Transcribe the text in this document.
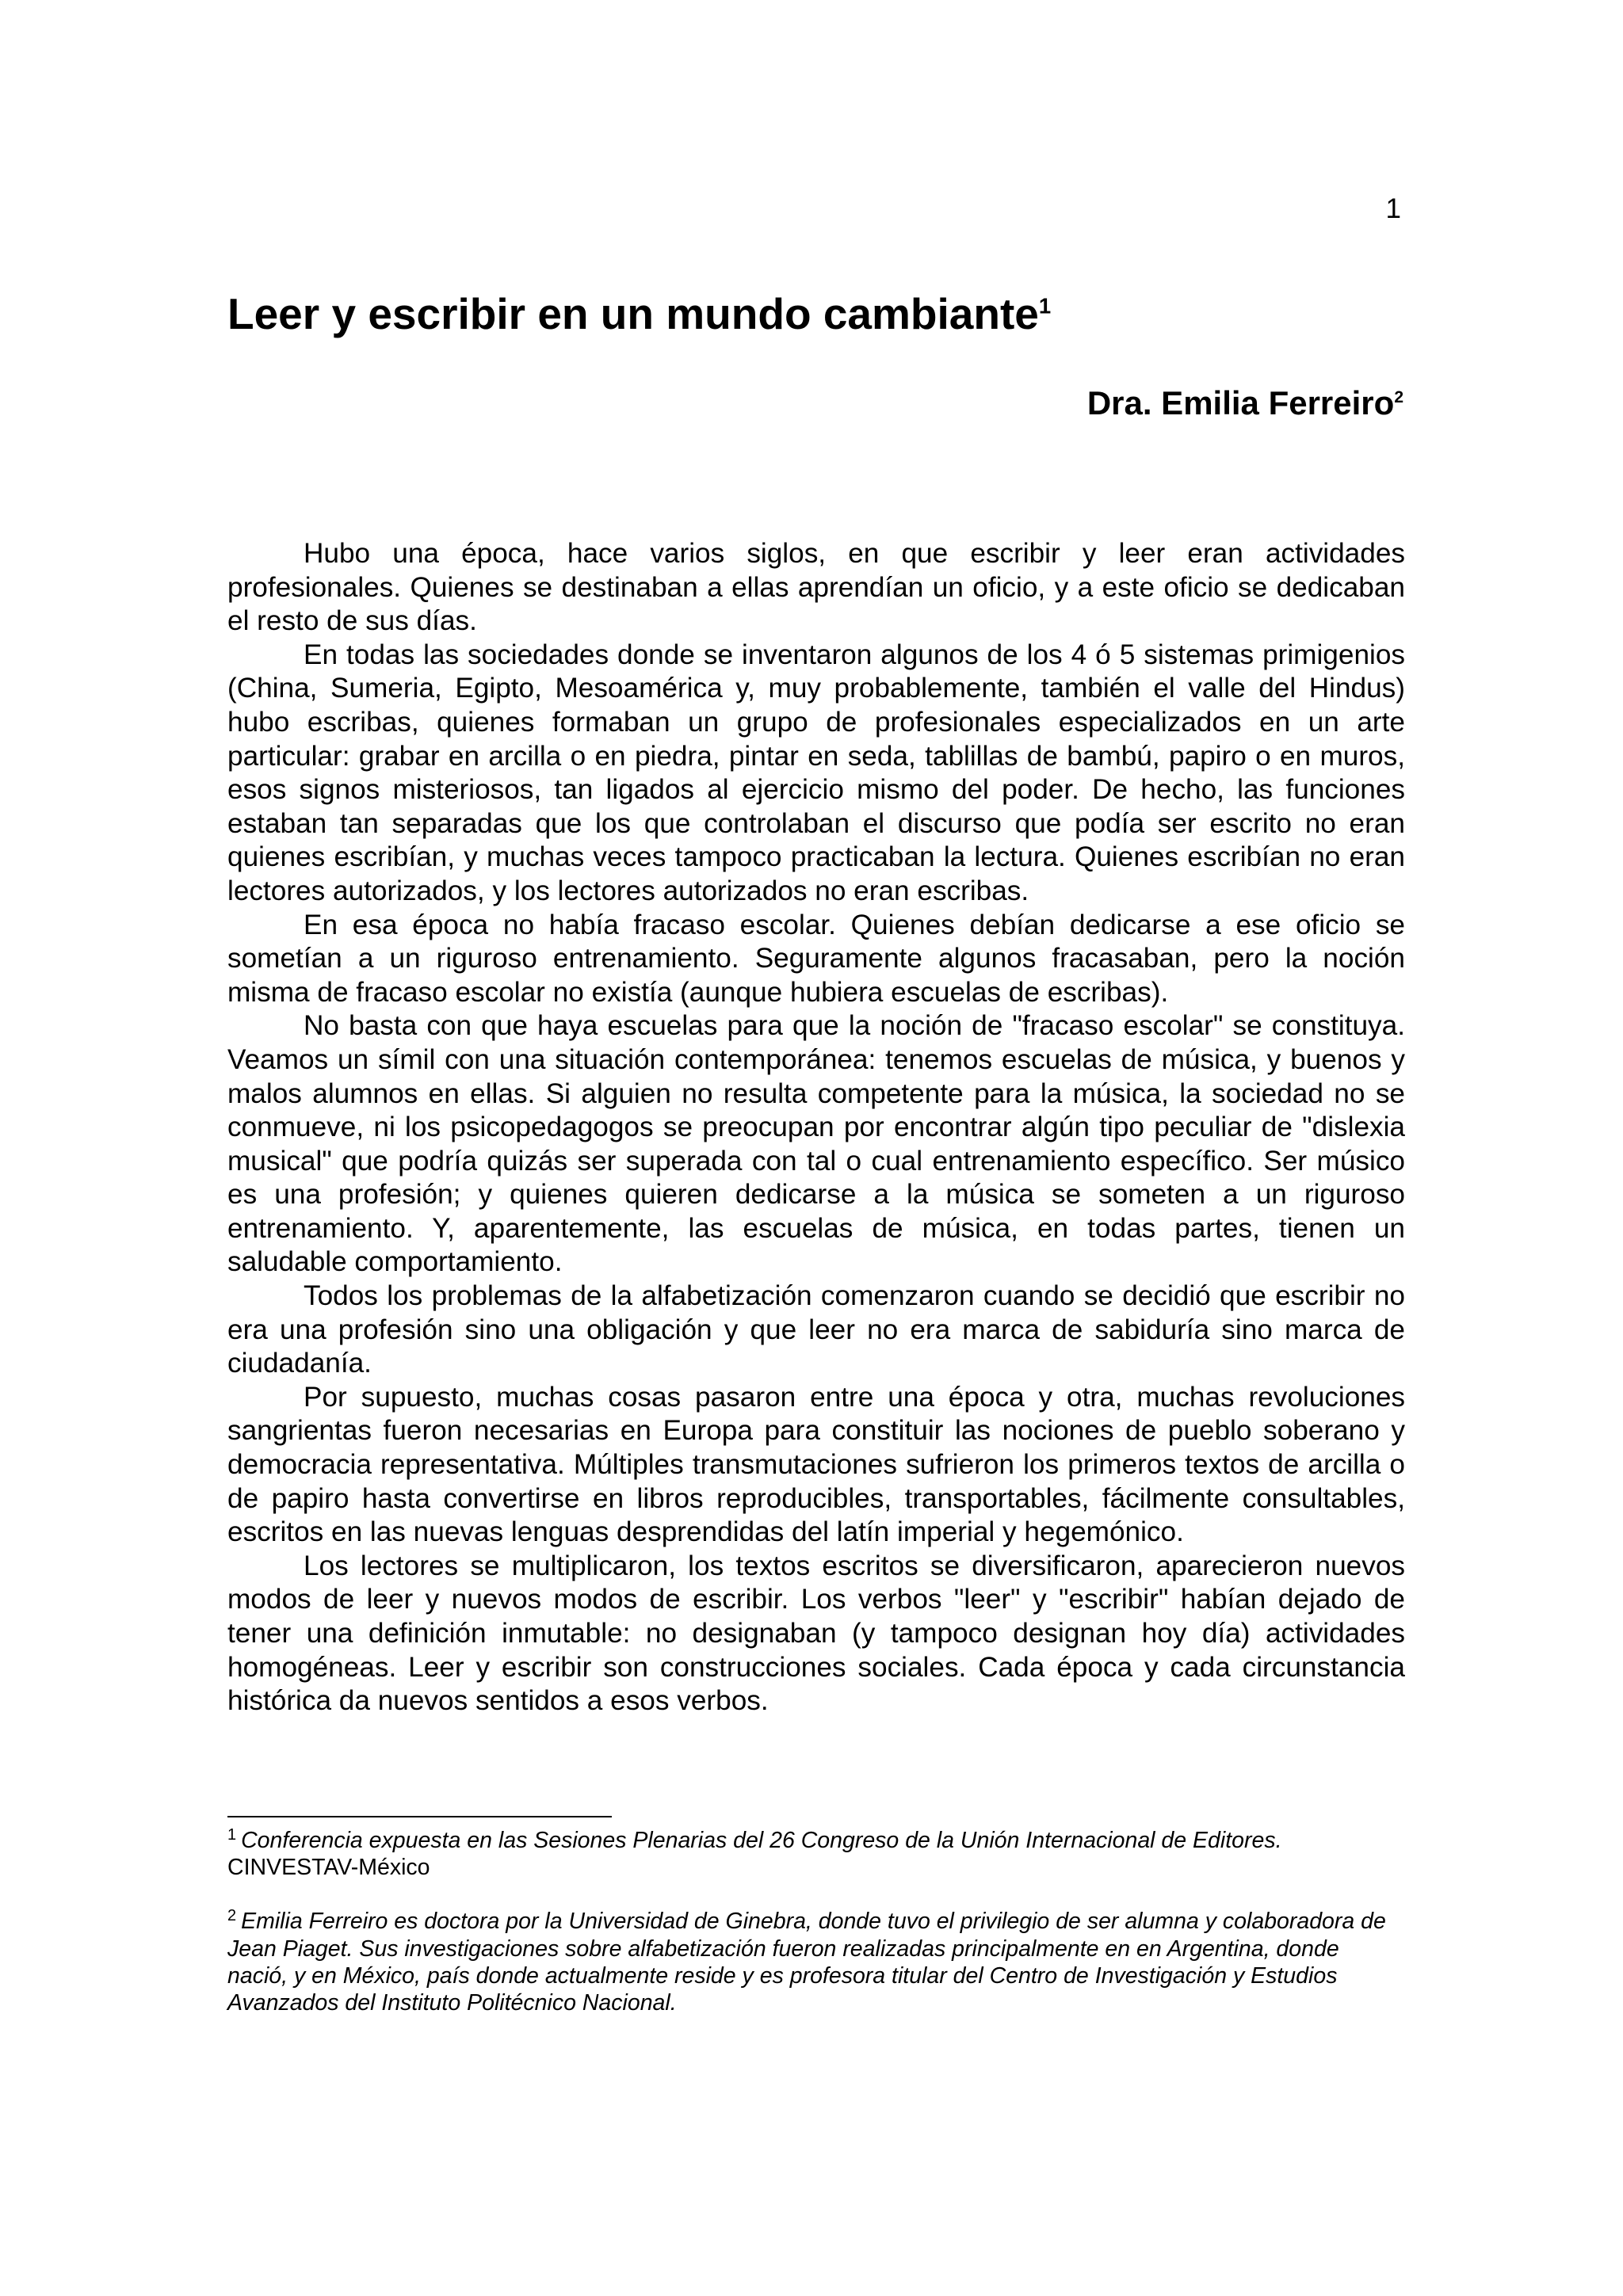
1
Leer y escribir en un mundo cambiante$^1$
Dra. Emilia Ferreiro$^2$

Hubo una época, hace varios siglos, en que escribir y leer eran actividades profesionales. Quienes se destinaban a ellas aprendían un oficio, y a este oficio se dedicaban el resto de sus días.

En todas las sociedades donde se inventaron algunos de los 4 ó 5 sistemas primigenios (China, Sumeria, Egipto, Mesoamérica y, muy probablemente, también el valle del Hindus) hubo escribas, quienes formaban un grupo de profesionales especializados en un arte particular: grabar en arcilla o en piedra, pintar en seda, tablillas de bambú, papiro o en muros, esos signos misteriosos, tan ligados al ejercicio mismo del poder. De hecho, las funciones estaban tan separadas que los que controlaban el discurso que podía ser escrito no eran quienes escribían, y muchas veces tampoco practicaban la lectura. Quienes escribían no eran lectores autorizados, y los lectores autorizados no eran escribas.

En esa época no había fracaso escolar. Quienes debían dedicarse a ese oficio se sometían a un riguroso entrenamiento. Seguramente algunos fracasaban, pero la noción misma de fracaso escolar no existía (aunque hubiera escuelas de escribas).

No basta con que haya escuelas para que la noción de "fracaso escolar" se constituya. Veamos un símil con una situación contemporánea: tenemos escuelas de música, y buenos y malos alumnos en ellas. Si alguien no resulta competente para la música, la sociedad no se conmueve, ni los psicopedagogos se preocupan por encontrar algún tipo peculiar de "dislexia musical" que podría quizás ser superada con tal o cual entrenamiento específico. Ser músico es una profesión; y quienes quieren dedicarse a la música se someten a un riguroso entrenamiento. Y, aparentemente, las escuelas de música, en todas partes, tienen un saludable comportamiento.

Todos los problemas de la alfabetización comenzaron cuando se decidió que escribir no era una profesión sino una obligación y que leer no era marca de sabiduría sino marca de ciudadanía.

Por supuesto, muchas cosas pasaron entre una época y otra, muchas revoluciones sangrientas fueron necesarias en Europa para constituir las nociones de pueblo soberano y democracia representativa. Múltiples transmutaciones sufrieron los primeros textos de arcilla o de papiro hasta convertirse en libros reproducibles, transportables, fácilmente consultables, escritos en las nuevas lenguas desprendidas del latín imperial y hegemónico.

Los lectores se multiplicaron, los textos escritos se diversificaron, aparecieron nuevos modos de leer y nuevos modos de escribir. Los verbos "leer" y "escribir" habían dejado de tener una definición inmutable: no designaban (y tampoco designan hoy día) actividades homogéneas. Leer y escribir son construcciones sociales. Cada época y cada circunstancia histórica da nuevos sentidos a esos verbos.

$^1$ Conferencia expuesta en las Sesiones Plenarias del 26 Congreso de la Unión Internacional de Editores.
CINVESTAV-México

$^2$ Emilia Ferreiro es doctora por la Universidad de Ginebra, donde tuvo el privilegio de ser alumna y colaboradora de Jean Piaget. Sus investigaciones sobre alfabetización fueron realizadas principalmente en en Argentina, donde nació, y en México, país donde actualmente reside y es profesora titular del Centro de Investigación y Estudios Avanzados del Instituto Politécnico Nacional.
